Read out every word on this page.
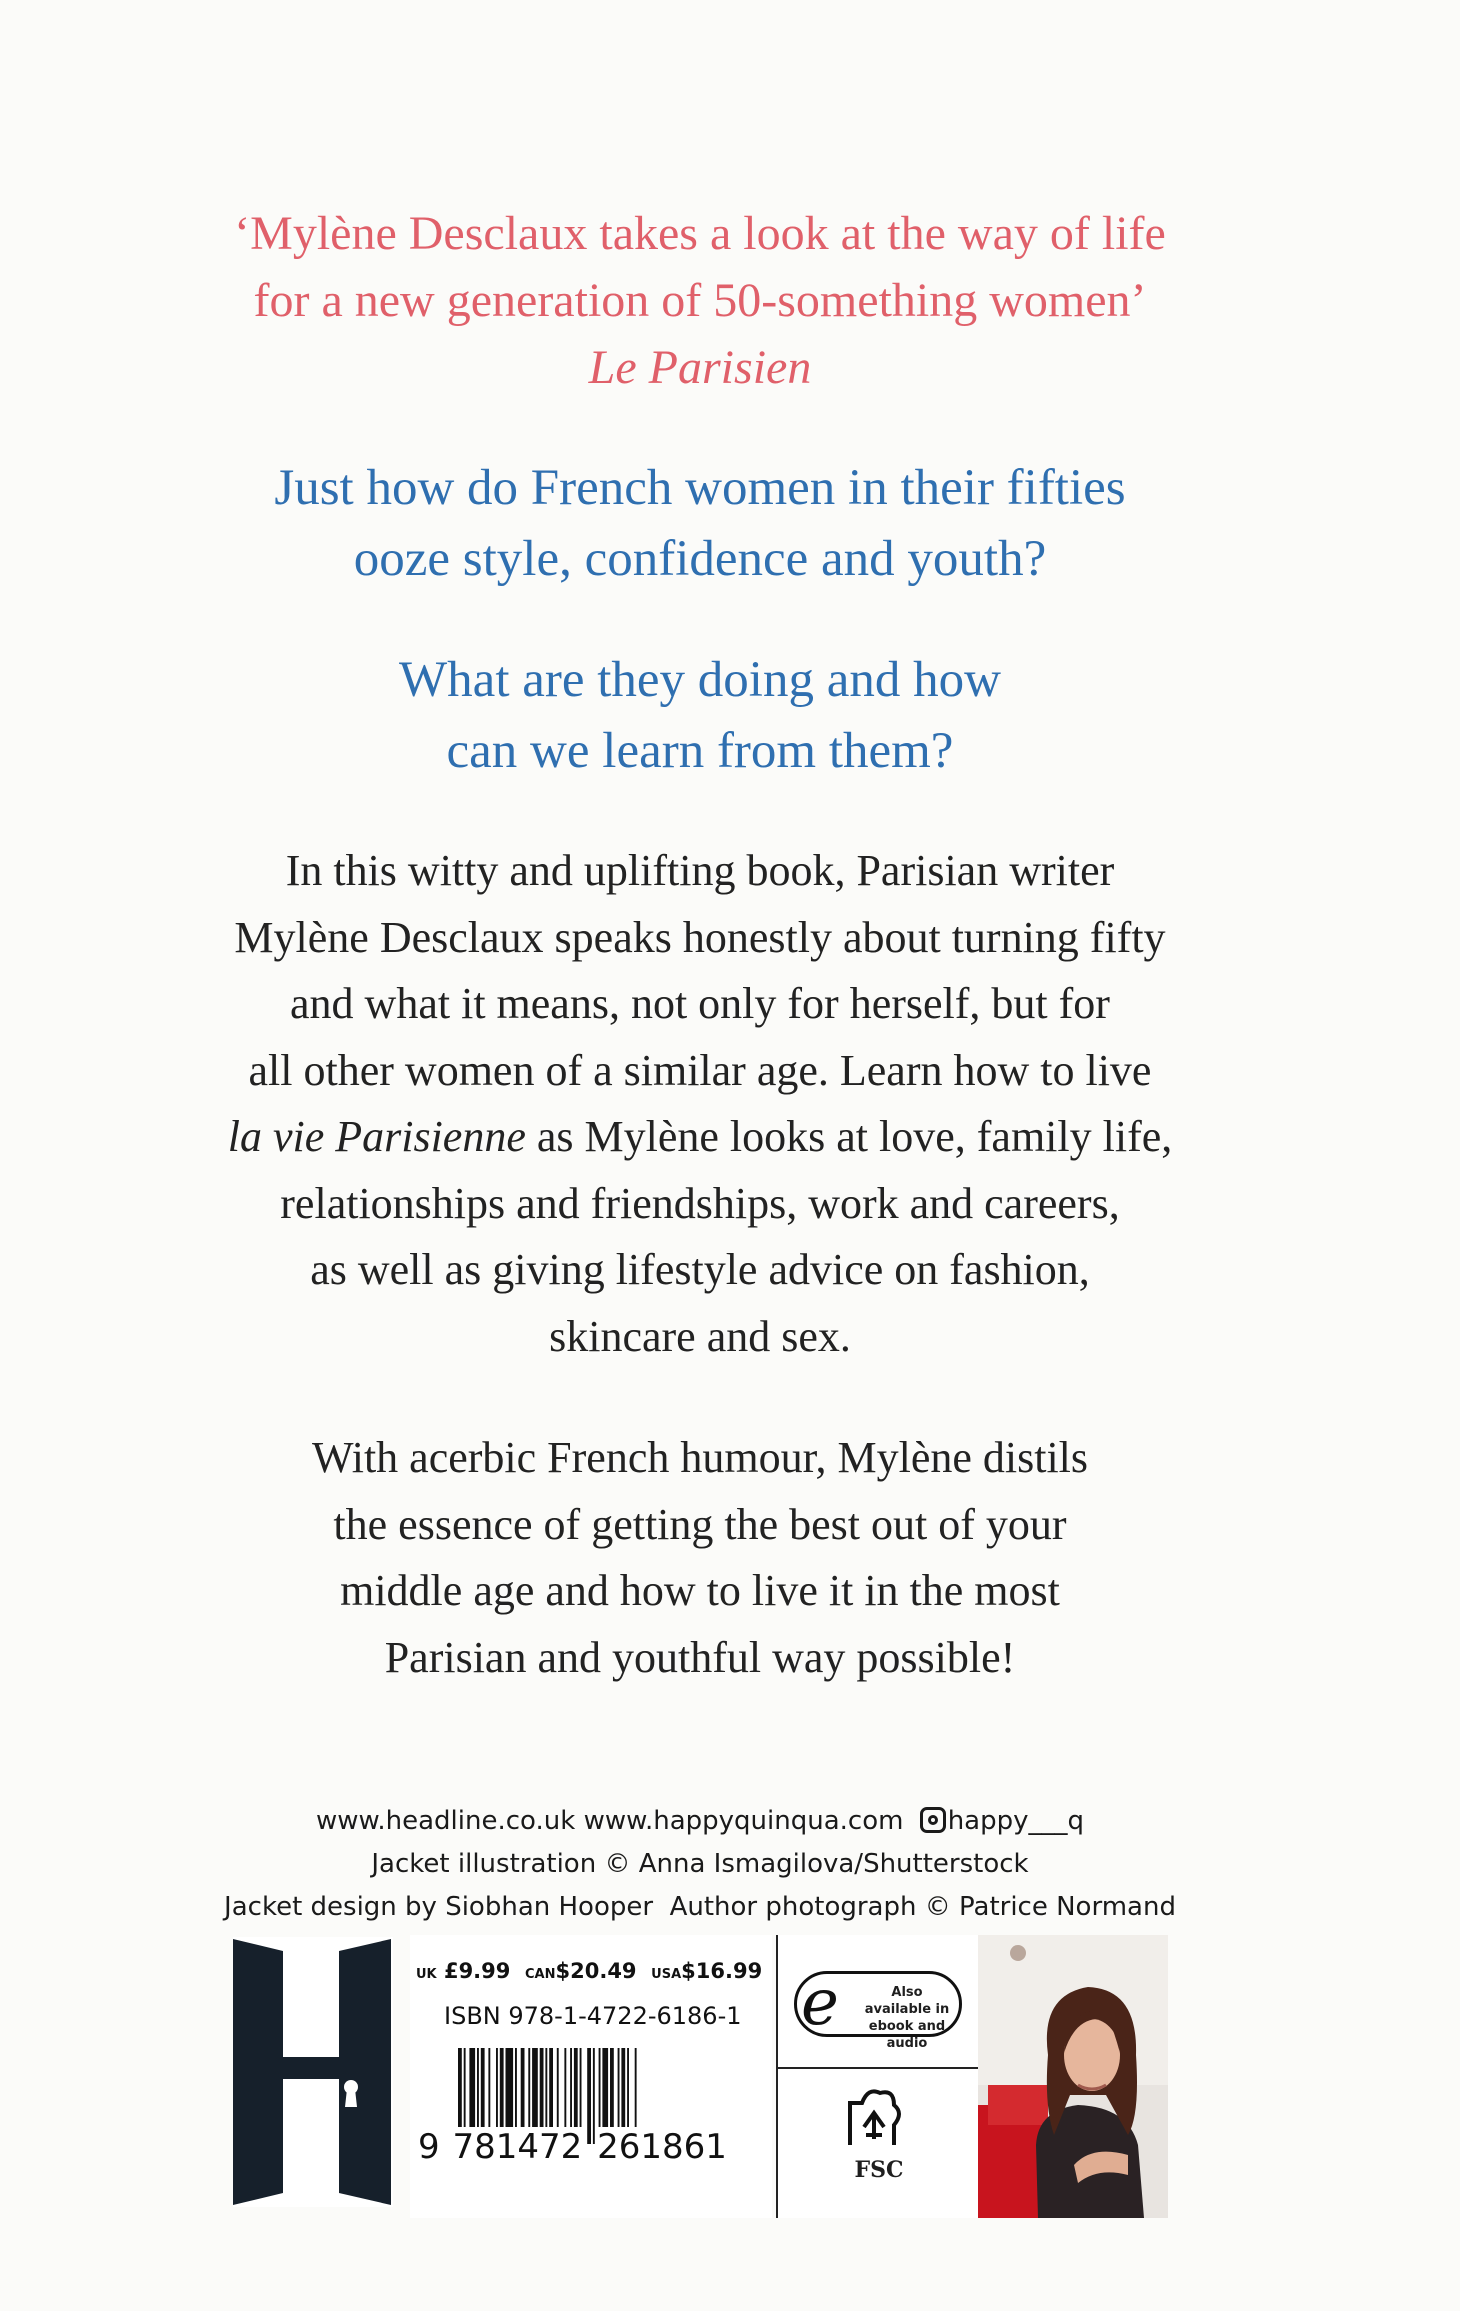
‘Mylène Desclaux takes a look at the way of life
for a new generation of 50-something women’
Le Parisien
Just how do French women in their fifties
ooze style, confidence and youth?
What are they doing and how
can we learn from them?
In this witty and uplifting book, Parisian writer
Mylène Desclaux speaks honestly about turning fifty
and what it means, not only for herself, but for
all other women of a similar age. Learn how to live
la vie Parisienne as Mylène looks at love, family life,
relationships and friendships, work and careers,
as well as giving lifestyle advice on fashion,
skincare and sex.
With acerbic French humour, Mylène distils
the essence of getting the best out of your
middle age and how to live it in the most
Parisian and youthful way possible!
www.headline.co.uk www.happyquinqua.com happy___q
Jacket illustration © Anna Ismagilova/Shutterstock
Jacket design by Siobhan Hooper Author photograph © Patrice Normand
UK £9.99 CAN$20.49 USA$16.99
ISBN 978-1-4722-6186-1
9 781472 261861
e	Also available in ebook and audio
FSC
